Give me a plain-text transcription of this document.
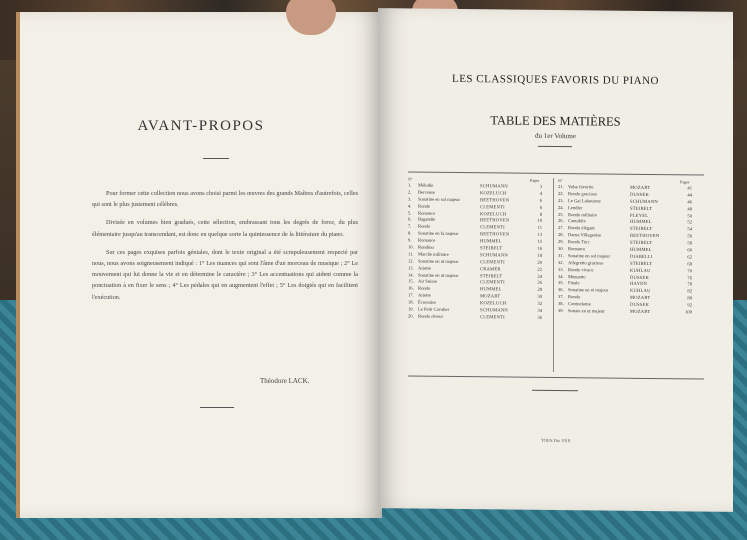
AVANT-PROPOS

Pour former cette collection nous avons choisi parmi les œuvres des grands Maîtres d'autrefois, celles qui sont le plus justement célèbres.

Divisée en volumes bien gradués, cette sélection, embrassant tous les degrés de force, du plus élémentaire jusqu'au transcendant, est donc en quelque sorte la quintessence de la littérature du piano.

Sur ces pages exquises parfois géniales, dont le texte original a été scrupuleusement respecté par nous, nous avons soigneusement indiqué : 1° Les nuances qui sont l'âme d'un morceau de musique ; 2° Le mouvement qui lui donne la vie et en détermine le caractère ; 3° Les accentuations qui aident comme la ponctuation à en fixer le sens ; 4° Les pédales qui en augmentent l'effet ; 5° Les doigtés qui en facilitent l'exécution.

Théodore LACK.
LES CLASSIQUES FAVORIS DU PIANO
TABLE DES MATIÈRES
du 1er Volume
N°	Pages
1.	Mélodie	SCHUMANN	3
2.	Berceuse	KOZELUCH	4
3.	Sonatine en sol majeur	BEETHOVEN	6
4.	Ronde	CLEMENTI	6
5.	Romance	KOZELUCH	8
6.	Bagatelle	BEETHOVEN	10
7.	Rondo	CLEMENTI	11
8.	Sonatine en fa majeur	BEETHOVEN	13
9.	Romance	HUMMEL	15
10. Rondino	STEIBELT	16
11. Marche militaire	SCHUMANN	18
12. Sonatine en ut majeur	CLEMENTI	20
13. Ariette	CRAMER	22
14. Sonatine en ut majeur	STEIBELT	24
15. Air Suisse	CLEMENTI	26
16. Rondo	HUMMEL	28
17. Ariette	MOZART	30
18. Écossaise	KOZELUCH	32
19. Le Petit Cavalier	SCHUMANN	34
20. Rondo rêveur	CLEMENTI	36
N°	Pages
21. Valse favorite	MOZART	41
22. Rondo gracioso	DUSSEK	44
23. Le Gai Laboureur	SCHUMANN	46
24. Lendler	STEIBELT	48
25. Rondo militaire	PLEYEL	50
26. Cantabile	HUMMEL	52
27. Rondo élégant	STEIBELT	54
28. Danse Villageoise	BEETHOVEN	56
29. Rondo Turc	STEIBELT	58
30. Romance	HUMMEL	60
31. Sonatine en sol majeur	DIABELLI	62
32. Allegretto grazioso	STEIBELT	68
33. Rondo vivace	KUHLAU	70
34. Menuetto	DUSSEK	76
35. Finale	HAYDN	78
36. Sonatine en ré majeur	KUHLAU	82
37. Rondo	MOZART	88
38. Contredanse	DUSSEK	92
39. Sonate en ut majeur	MOZART	100
TOUS Dts 1918
